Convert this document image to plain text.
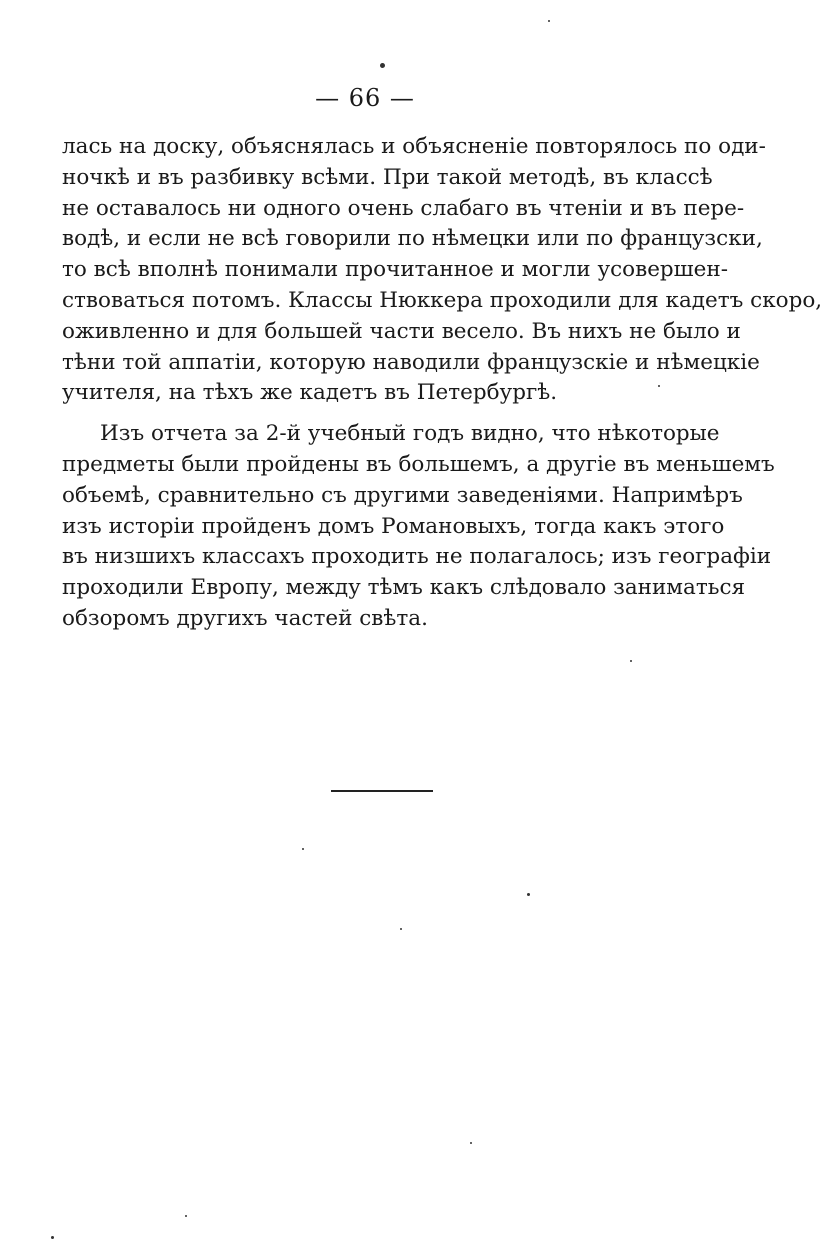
— 66 —
лась на доску, объяснялась и объясненіе повторялось по оди-
ночкѣ и въ разбивку всѣми. При такой методѣ, въ классѣ
не оставалось ни одного очень слабаго въ чтеніи и въ пере-
водѣ, и если не всѣ говорили по нѣмецки или по французски,
то всѣ вполнѣ понимали прочитанное и могли усовершен-
ствоваться потомъ. Классы Нюккера проходили для кадетъ скоро,
оживленно и для большей части весело. Въ нихъ не было и
тѣни той аппатіи, которую наводили французскіе и нѣмецкіе
учителя, на тѣхъ же кадетъ въ Петербургѣ.
Изъ отчета за 2-й учебный годъ видно, что нѣкоторые
предметы были пройдены въ большемъ, а другіе въ меньшемъ
объемѣ, сравнительно съ другими заведеніями. Напримѣръ
изъ исторіи пройденъ домъ Романовыхъ, тогда какъ этого
въ низшихъ классахъ проходить не полагалось; изъ географіи
проходили Европу, между тѣмъ какъ слѣдовало заниматься
обзоромъ другихъ частей свѣта.
